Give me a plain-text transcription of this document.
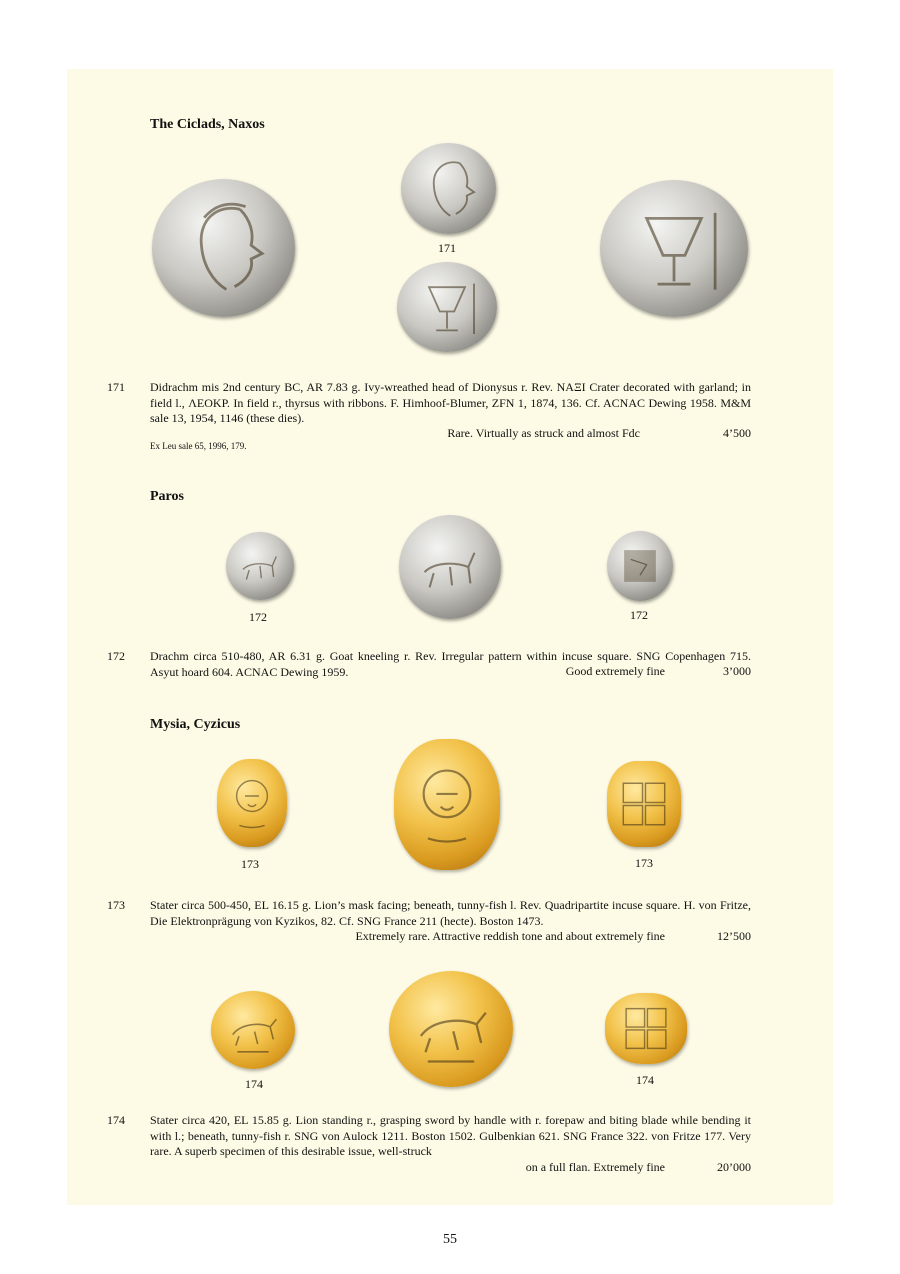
The Ciclads, Naxos
171
171 Didrachm mis 2nd century BC, AR 7.83 g. Ivy-wreathed head of Dionysus r. Rev. ΝΑΞΙ Crater decorated with garland; in field l., ΛΕΟΚΡ. In field r., thyrsus with ribbons. F. Himhoof-Blumer, ZFN 1, 1874, 136. Cf. ACNAC Dewing 1958. M&M sale 13, 1954, 1146 (these dies).

Rare. Virtually as struck and almost Fdc	4’500
Ex Leu sale 65, 1996, 179.
Paros
172	172
172 Drachm circa 510-480, AR 6.31 g. Goat kneeling r. Rev. Irregular pattern within incuse square. SNG Copenhagen 715. Asyut hoard 604. ACNAC Dewing 1959.	Good extremely fine	3’000
Mysia, Cyzicus
173	173
173 Stater circa 500-450, EL 16.15 g. Lion’s mask facing; beneath, tunny-fish l. Rev. Quadripartite incuse square. H. von Fritze, Die Elektronprägung von Kyzikos, 82. Cf. SNG France 211 (hecte). Boston 1473.

Extremely rare. Attractive reddish tone and about extremely fine	12’500
174	174
174 Stater circa 420, EL 15.85 g. Lion standing r., grasping sword by handle with r. forepaw and biting blade while bending it with l.; beneath, tunny-fish r. SNG von Aulock 1211. Boston 1502. Gulbenkian 621. SNG France 322. von Fritze 177. Very rare. A superb specimen of this desirable issue, well-struck

on a full flan. Extremely fine	20’000
55
